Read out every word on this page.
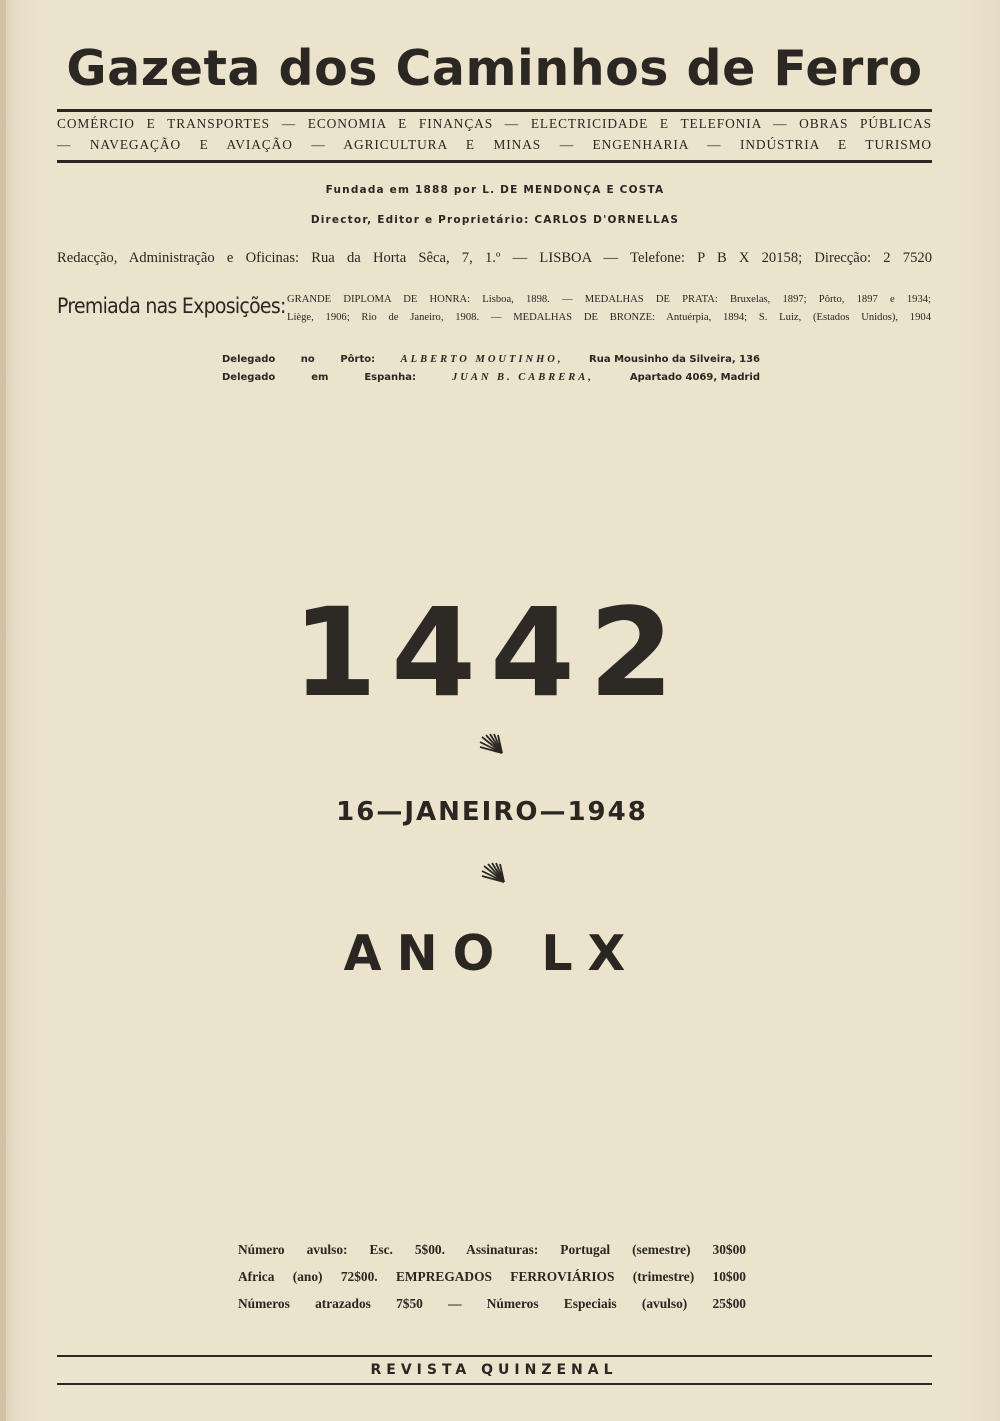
Gazeta dos Caminhos de Ferro
COMÉRCIO E TRANSPORTES — ECONOMIA E FINANÇAS — ELECTRICIDADE E TELEFONIA — OBRAS PÚBLICAS
— NAVEGAÇÃO E AVIAÇÃO — AGRICULTURA E MINAS — ENGENHARIA — INDÚSTRIA E TURISMO
Fundada em 1888 por L. DE MENDONÇA E COSTA
Director, Editor e Proprietário: CARLOS D'ORNELLAS
Redacção, Administração e Oficinas: Rua da Horta Sêca, 7, 1.º — LISBOA — Telefone: P B X 20158; Direcção: 2 7520
Premiada nas Exposições: GRANDE DIPLOMA DE HONRA: Lisboa, 1898. — MEDALHAS DE PRATA: Bruxelas, 1897; Pôrto, 1897 e 1934;
Liège, 1906; Rio de Janeiro, 1908. — MEDALHAS DE BRONZE: Antuérpia, 1894; S. Luiz, (Estados Unidos), 1904
Delegado	no	Pôrto: ALBERTO MOUTINHO,	Rua Mousinho da Silveira, 136
Delegado	em	Espanha:	JUAN B. CABRERA,	Apartado 4069, Madrid
1442
16—JANEIRO—1948
ANO LX
Número avulso: Esc. 5$00. Assinaturas: Portugal (semestre) 30$00
Africa (ano) 72$00. EMPREGADOS FERROVIÁRIOS (trimestre) 10$00
Números atrazados 7$50 — Números Especiais (avulso) 25$00
REVISTA QUINZENAL
